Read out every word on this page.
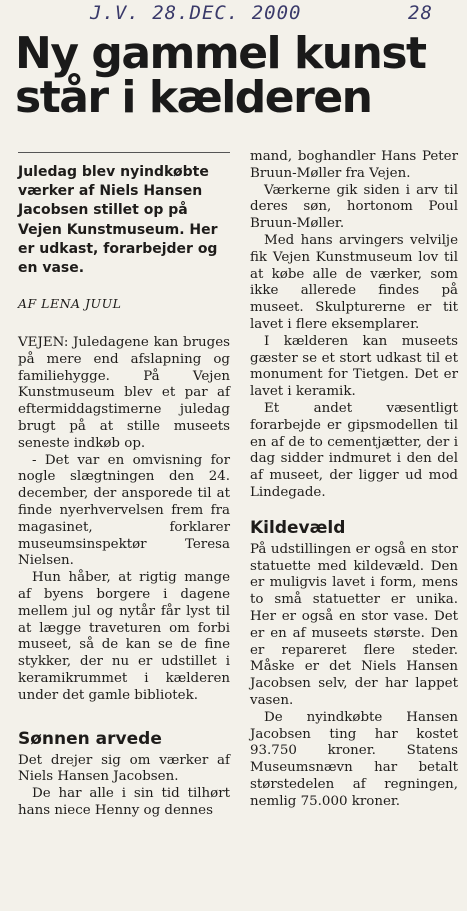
J.V. 28.DEC. 2000	28
Ny gammel kunst står i kælderen

Juledag blev nyindkøbte værker af Niels Hansen Jacobsen stillet op på Vejen Kunstmuseum. Her er udkast, forarbejder og en vase.

AF LENA JUUL

VEJEN: Juledagene kan bruges på mere end afslapning og familiehygge. På Vejen Kunstmuseum blev et par af eftermiddagstimerne juledag brugt på at stille museets seneste indkøb op.

- Det var en omvisning for nogle slægtningen den 24. december, der ansporede til at finde nyerhvervelsen frem fra magasinet, forklarer museumsinspektør Teresa Nielsen.

Hun håber, at rigtig mange af byens borgere i dagene mellem jul og nytår får lyst til at lægge traveturen om forbi museet, så de kan se de fine stykker, der nu er udstillet i keramikrummet i kælderen under det gamle bibliotek.

Sønnen arvede

Det drejer sig om værker af Niels Hansen Jacobsen.

De har alle i sin tid tilhørt hans niece Henny og dennes

mand, boghandler Hans Peter Bruun-Møller fra Vejen.

Værkerne gik siden i arv til deres søn, hortonom Poul Bruun-Møller.

Med hans arvingers velvilje fik Vejen Kunstmuseum lov til at købe alle de værker, som ikke allerede findes på museet. Skulpturerne er tit lavet i flere eksemplarer.

I kælderen kan museets gæster se et stort udkast til et monument for Tietgen. Det er lavet i keramik.

Et andet væsentligt forarbejde er gipsmodellen til en af de to cementjætter, der i dag sidder indmuret i den del af museet, der ligger ud mod Lindegade.

Kildevæld

På udstillingen er også en stor statuette med kildevæld. Den er muligvis lavet i form, mens to små statuetter er unika. Her er også en stor vase. Det er en af museets største. Den er repareret flere steder. Måske er det Niels Hansen Jacobsen selv, der har lappet vasen.

De nyindkøbte Hansen Jacobsen ting har kostet 93.750 kroner. Statens Museumsnævn har betalt størstedelen af regningen, nemlig 75.000 kroner.
